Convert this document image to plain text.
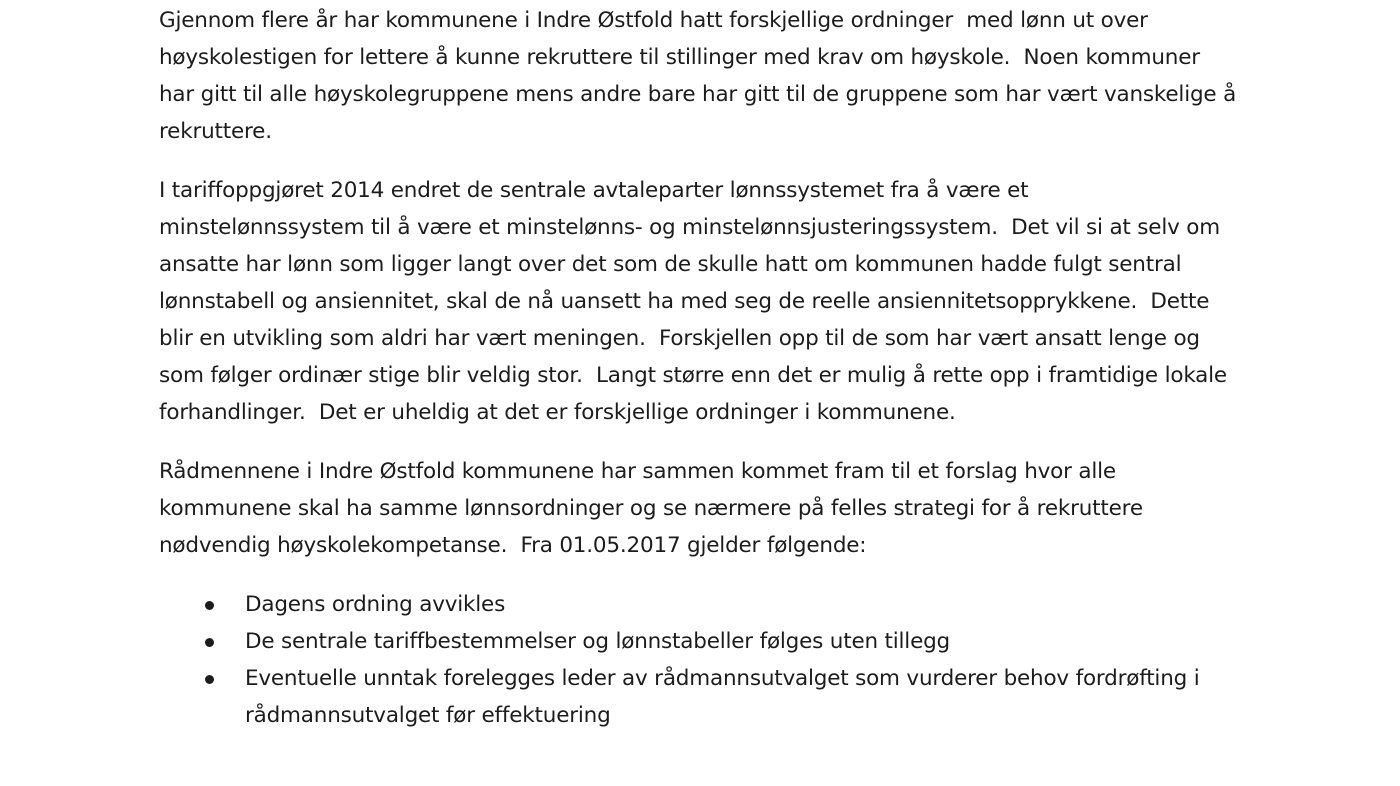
Gjennom flere år har kommunene i Indre Østfold hatt forskjellige ordninger  med lønn ut over
høyskolestigen for lettere å kunne rekruttere til stillinger med krav om høyskole.  Noen kommuner
har gitt til alle høyskolegruppene mens andre bare har gitt til de gruppene som har vært vanskelige å
rekruttere.

I tariffoppgjøret 2014 endret de sentrale avtaleparter lønnssystemet fra å være et
minstelønnssystem til å være et minstelønns- og minstelønnsjusteringssystem.  Det vil si at selv om
ansatte har lønn som ligger langt over det som de skulle hatt om kommunen hadde fulgt sentral
lønnstabell og ansiennitet, skal de nå uansett ha med seg de reelle ansiennitetsopprykkene.  Dette
blir en utvikling som aldri har vært meningen.  Forskjellen opp til de som har vært ansatt lenge og
som følger ordinær stige blir veldig stor.  Langt større enn det er mulig å rette opp i framtidige lokale
forhandlinger.  Det er uheldig at det er forskjellige ordninger i kommunene.

Rådmennene i Indre Østfold kommunene har sammen kommet fram til et forslag hvor alle
kommunene skal ha samme lønnsordninger og se nærmere på felles strategi for å rekruttere
nødvendig høyskolekompetanse.  Fra 01.05.2017 gjelder følgende:

Dagens ordning avvikles
De sentrale tariffbestemmelser og lønnstabeller følges uten tillegg
Eventuelle unntak forelegges leder av rådmannsutvalget som vurderer behov fordrøfting i
rådmannsutvalget før effektuering
